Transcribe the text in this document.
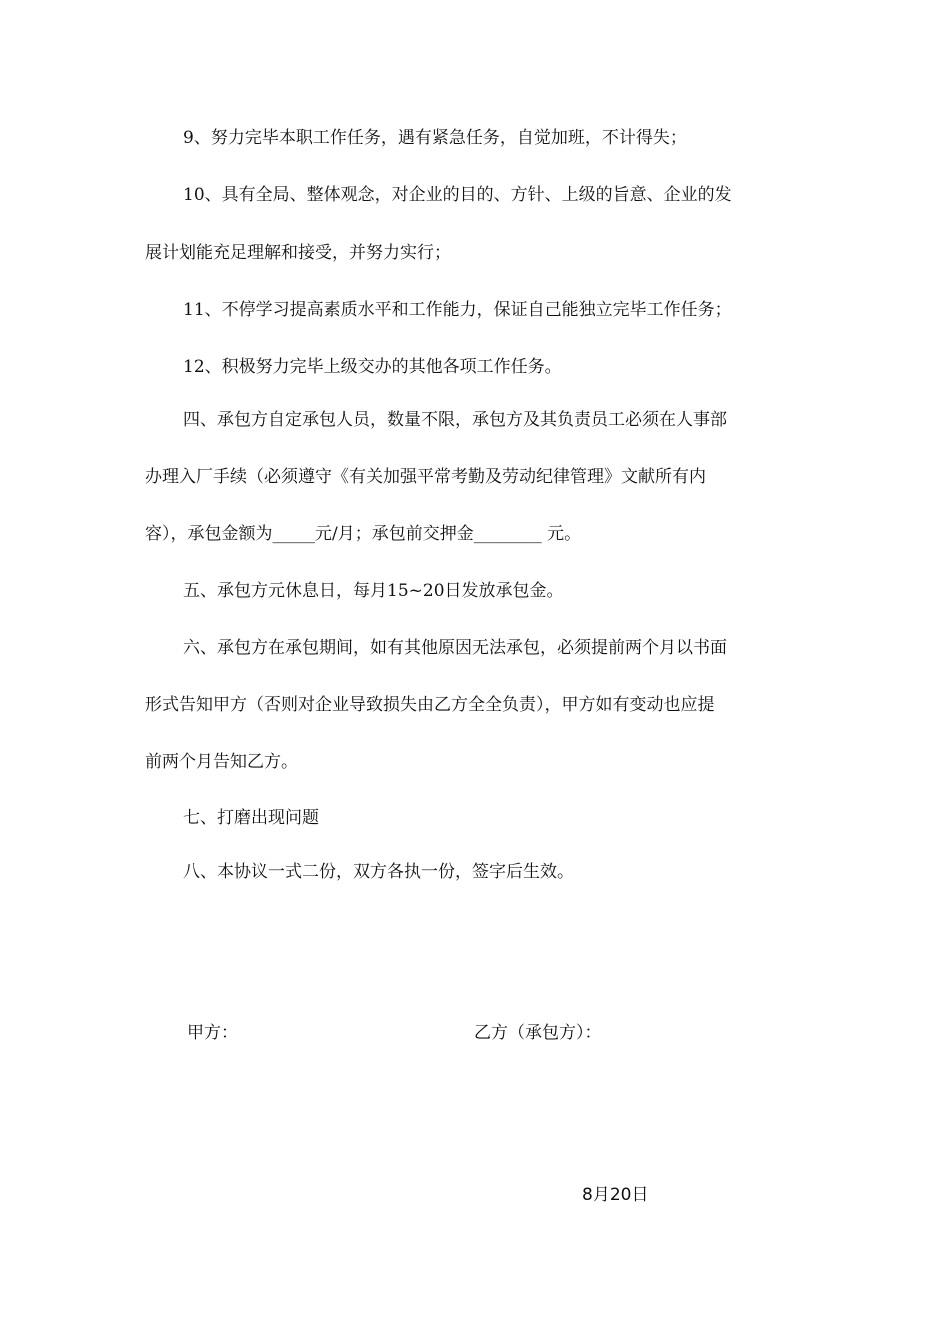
9、努力完毕本职工作任务，遇有紧急任务，自觉加班，不计得失；
10、具有全局、整体观念，对企业的目的、方针、上级的旨意、企业的发
展计划能充足理解和接受，并努力实行；
11、不停学习提高素质水平和工作能力，保证自己能独立完毕工作任务；
12、积极努力完毕上级交办的其他各项工作任务。
四、承包方自定承包人员，数量不限，承包方及其负责员工必须在人事部
办理入厂手续（必须遵守《有关加强平常考勤及劳动纪律管理》文献所有内
容），承包金额为_____元/月；承包前交押金________ 元。
五、承包方元休息日，每月15~20日发放承包金。
六、承包方在承包期间，如有其他原因无法承包，必须提前两个月以书面
形式告知甲方（否则对企业导致损失由乙方全全负责），甲方如有变动也应提
前两个月告知乙方。
七、打磨出现问题
八、本协议一式二份，双方各执一份，签字后生效。
甲方：	乙方（承包方）：
8月20日
